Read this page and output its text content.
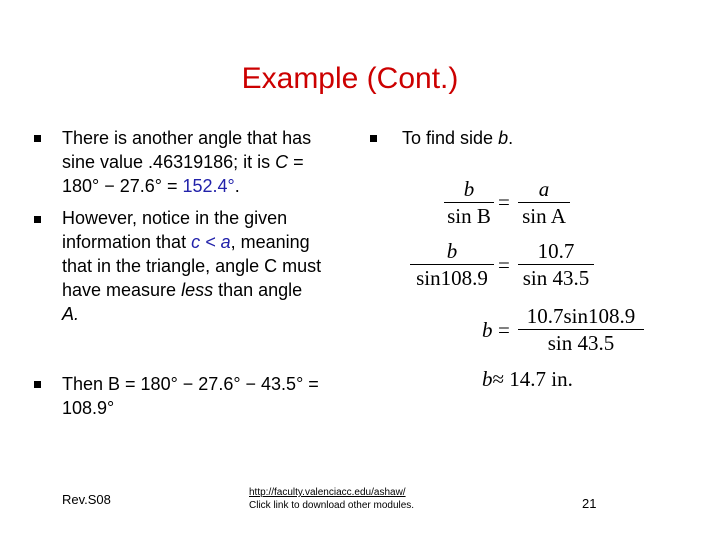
Example (Cont.)
There is another angle that has
sine value .46319186; it is C =
180° − 27.6° = 152.4°.
However, notice in the given
information that c < a, meaning
that in the triangle, angle C must
have measure less than angle
A.
Then B = 180° − 27.6° − 43.5° =
108.9°
To find side b.
b
sin B
=
a
sin A
b
sin108.9
=
10.7
sin 43.5
b =
10.7sin108.9
sin 43.5
b≈ 14.7 in.
Rev.S08	http://faculty.valenciacc.edu/ashaw/
Click link to download other modules.	21
